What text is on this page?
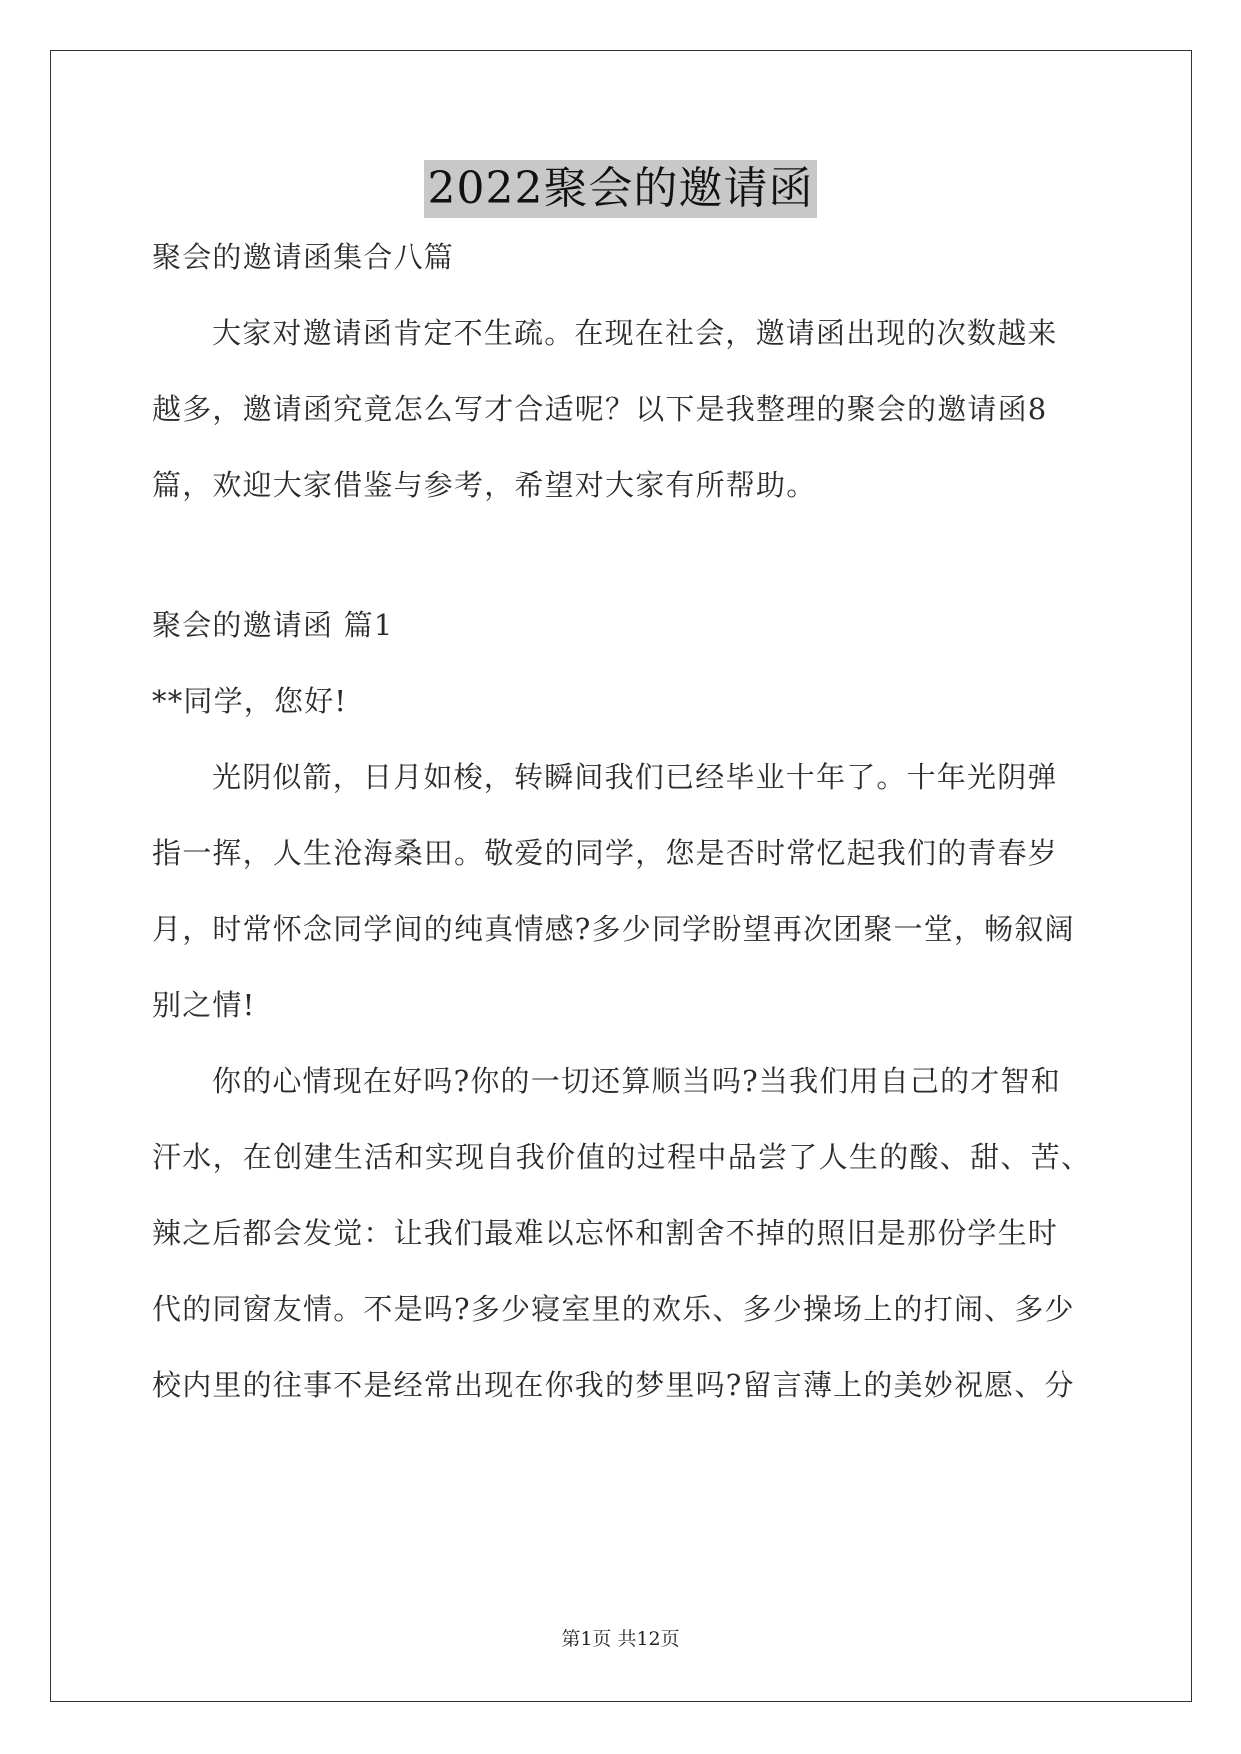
2022聚会的邀请函
聚会的邀请函集合八篇
大家对邀请函肯定不生疏。在现在社会，邀请函出现的次数越来
越多，邀请函究竟怎么写才合适呢？以下是我整理的聚会的邀请函8
篇，欢迎大家借鉴与参考，希望对大家有所帮助。
聚会的邀请函 篇1
**同学，您好!
光阴似箭，日月如梭，转瞬间我们已经毕业十年了。十年光阴弹
指一挥，人生沧海桑田。敬爱的同学，您是否时常忆起我们的青春岁
月，时常怀念同学间的纯真情感?多少同学盼望再次团聚一堂，畅叙阔
别之情!
你的心情现在好吗?你的一切还算顺当吗?当我们用自己的才智和
汗水，在创建生活和实现自我价值的过程中品尝了人生的酸、甜、苦、
辣之后都会发觉：让我们最难以忘怀和割舍不掉的照旧是那份学生时
代的同窗友情。不是吗?多少寝室里的欢乐、多少操场上的打闹、多少
校内里的往事不是经常出现在你我的梦里吗?留言薄上的美妙祝愿、分
第1页 共12页
